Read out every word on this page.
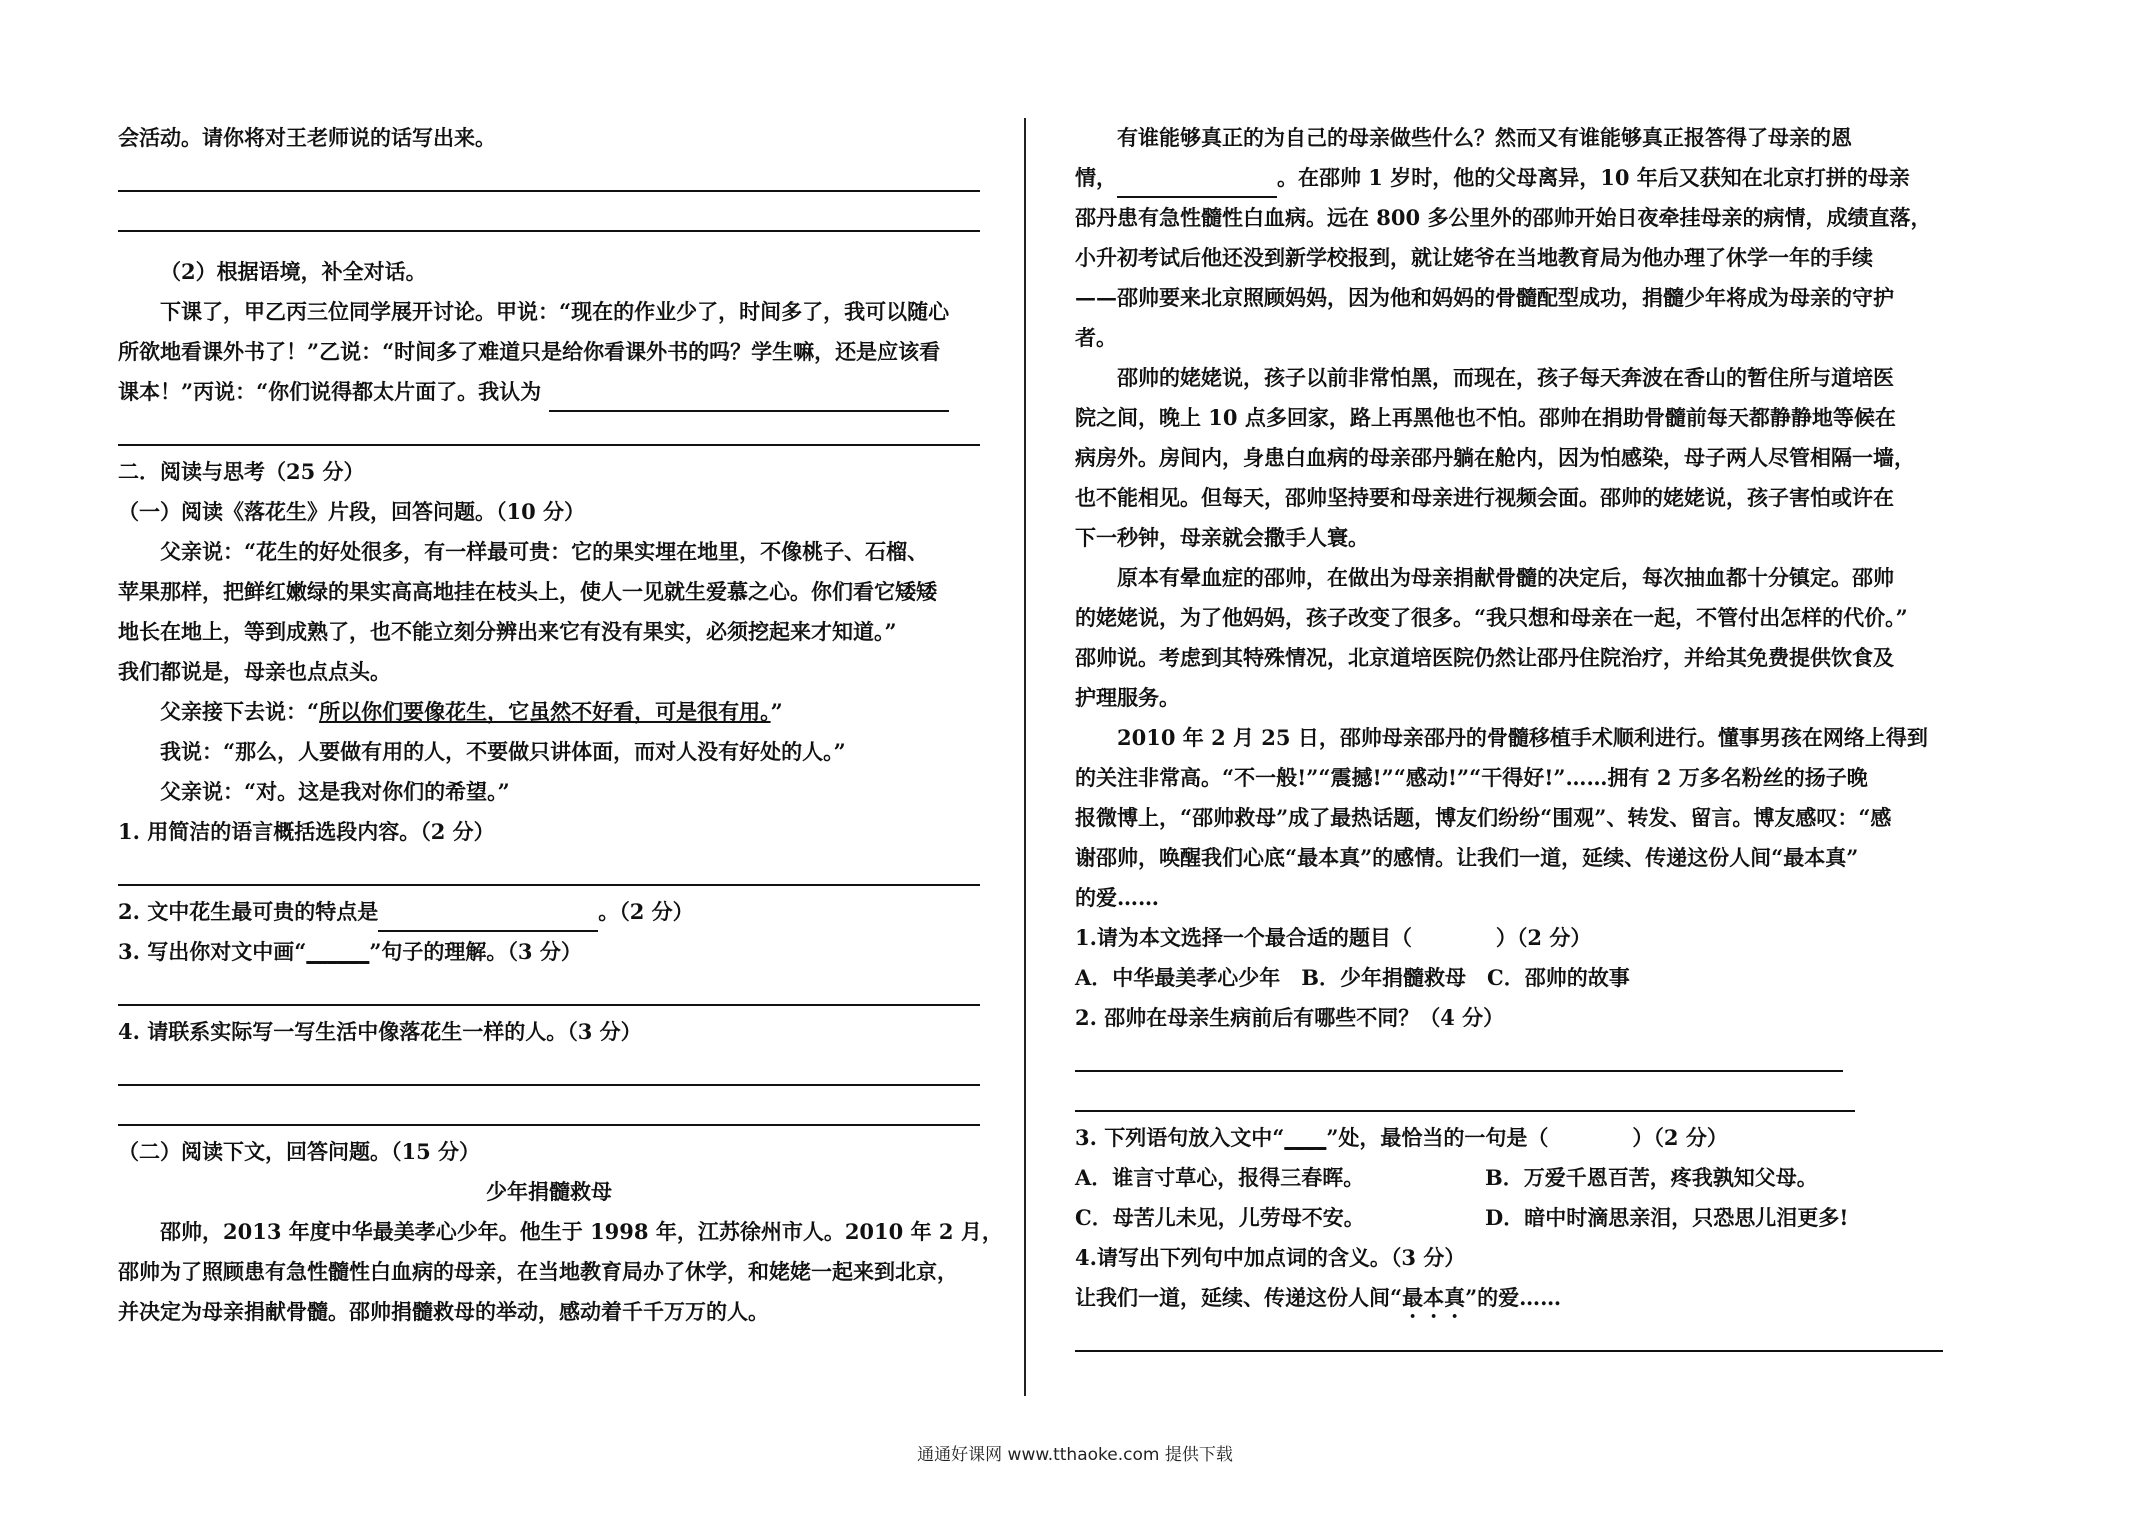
会活动。请你将对王老师说的话写出来。
（2）根据语境，补全对话。
下课了，甲乙丙三位同学展开讨论。甲说：“现在的作业少了，时间多了，我可以随心
所欲地看课外书了！”乙说：“时间多了难道只是给你看课外书的吗？学生嘛，还是应该看
课本！”丙说：“你们说得都太片面了。我认为
二．阅读与思考（25 分）
（一）阅读《落花生》片段，回答问题。（10 分）
父亲说：“花生的好处很多，有一样最可贵：它的果实埋在地里，不像桃子、石榴、
苹果那样，把鲜红嫩绿的果实高高地挂在枝头上，使人一见就生爱慕之心。你们看它矮矮
地长在地上，等到成熟了，也不能立刻分辨出来它有没有果实，必须挖起来才知道。”
我们都说是，母亲也点点头。
父亲接下去说：“所以你们要像花生，它虽然不好看，可是很有用。”
我说：“那么，人要做有用的人，不要做只讲体面，而对人没有好处的人。”
父亲说：“对。这是我对你们的希望。”
1. 用简洁的语言概括选段内容。（2 分）
2. 文中花生最可贵的特点是	。（2 分）
3. 写出你对文中画“______”句子的理解。（3 分）
4. 请联系实际写一写生活中像落花生一样的人。（3 分）
（二）阅读下文，回答问题。（15 分）
少年捐髓救母
邵帅，2013 年度中华最美孝心少年。他生于 1998 年，江苏徐州市人。2010 年 2 月，
邵帅为了照顾患有急性髓性白血病的母亲，在当地教育局办了休学，和姥姥一起来到北京，
并决定为母亲捐献骨髓。邵帅捐髓救母的举动，感动着千千万万的人。
有谁能够真正的为自己的母亲做些什么？然而又有谁能够真正报答得了母亲的恩
情，	。在邵帅 1 岁时，他的父母离异，10 年后又获知在北京打拼的母亲
邵丹患有急性髓性白血病。远在 800 多公里外的邵帅开始日夜牵挂母亲的病情，成绩直落，
小升初考试后他还没到新学校报到，就让姥爷在当地教育局为他办理了休学一年的手续
——邵帅要来北京照顾妈妈，因为他和妈妈的骨髓配型成功，捐髓少年将成为母亲的守护
者。
邵帅的姥姥说，孩子以前非常怕黑，而现在，孩子每天奔波在香山的暂住所与道培医
院之间，晚上 10 点多回家，路上再黑他也不怕。邵帅在捐助骨髓前每天都静静地等候在
病房外。房间内，身患白血病的母亲邵丹躺在舱内，因为怕感染，母子两人尽管相隔一墙，
也不能相见。但每天，邵帅坚持要和母亲进行视频会面。邵帅的姥姥说，孩子害怕或许在
下一秒钟，母亲就会撒手人寰。
原本有晕血症的邵帅，在做出为母亲捐献骨髓的决定后，每次抽血都十分镇定。邵帅
的姥姥说，为了他妈妈，孩子改变了很多。“我只想和母亲在一起，不管付出怎样的代价。”
邵帅说。考虑到其特殊情况，北京道培医院仍然让邵丹住院治疗，并给其免费提供饮食及
护理服务。
2010 年 2 月 25 日，邵帅母亲邵丹的骨髓移植手术顺利进行。懂事男孩在网络上得到
的关注非常高。“不一般!”“震撼!”“感动!”“干得好!”……拥有 2 万多名粉丝的扬子晚
报微博上，“邵帅救母”成了最热话题，博友们纷纷“围观”、转发、留言。博友感叹：“感
谢邵帅，唤醒我们心底“最本真”的感情。让我们一道，延续、传递这份人间“最本真”
的爱……
1.请为本文选择一个最合适的题目（　　　　）（2 分）
A．中华最美孝心少年　B．少年捐髓救母　C．邵帅的故事
2. 邵帅在母亲生病前后有哪些不同？（4 分）
3. 下列语句放入文中“____”处，最恰当的一句是（　　　　）（2 分）
A．谁言寸草心，报得三春晖。	B．万爱千恩百苦，疼我孰知父母。
C．母苦儿未见，儿劳母不安。	D．暗中时滴思亲泪，只恐思儿泪更多!
4.请写出下列句中加点词的含义。（3 分）
让我们一道，延续、传递这份人间“最本真”的爱……
通通好课网 www.tthaoke.com 提供下载
